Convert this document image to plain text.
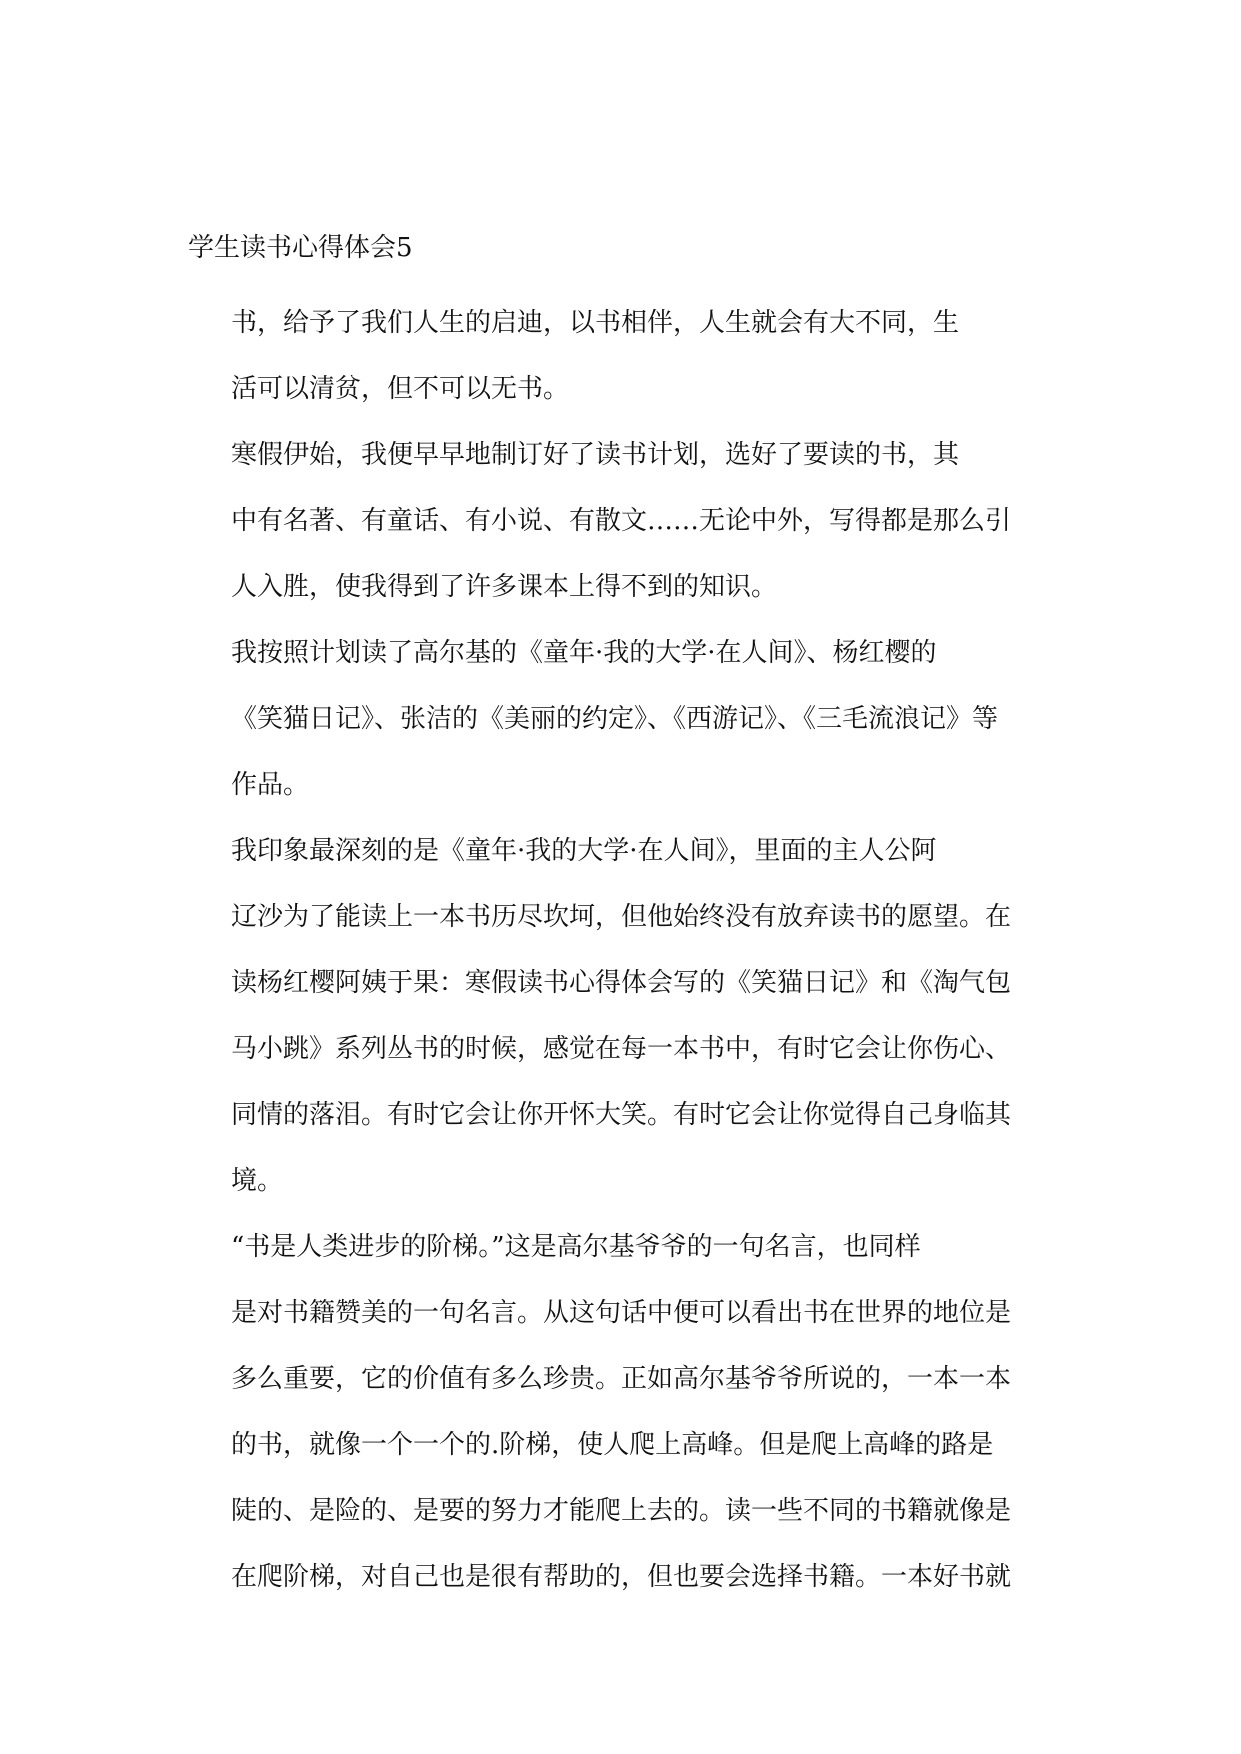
学生读书心得体会5
书，给予了我们人生的启迪，以书相伴，人生就会有大不同，生
活可以清贫，但不可以无书。
寒假伊始，我便早早地制订好了读书计划，选好了要读的书，其
中有名著、有童话、有小说、有散文……无论中外，写得都是那么引
人入胜，使我得到了许多课本上得不到的知识。
我按照计划读了高尔基的《童年·我的大学·在人间》、杨红樱的
《笑猫日记》、张洁的《美丽的约定》、《西游记》、《三毛流浪记》等
作品。
我印象最深刻的是《童年·我的大学·在人间》，里面的主人公阿
辽沙为了能读上一本书历尽坎坷，但他始终没有放弃读书的愿望。在
读杨红樱阿姨于果：寒假读书心得体会写的《笑猫日记》和《淘气包
马小跳》系列丛书的时候，感觉在每一本书中，有时它会让你伤心、
同情的落泪。有时它会让你开怀大笑。有时它会让你觉得自己身临其
境。
“书是人类进步的阶梯。”这是高尔基爷爷的一句名言，也同样
是对书籍赞美的一句名言。从这句话中便可以看出书在世界的地位是
多么重要，它的价值有多么珍贵。正如高尔基爷爷所说的，一本一本
的书，就像一个一个的.阶梯，使人爬上高峰。但是爬上高峰的路是
陡的、是险的、是要的努力才能爬上去的。读一些不同的书籍就像是
在爬阶梯，对自己也是很有帮助的，但也要会选择书籍。一本好书就
